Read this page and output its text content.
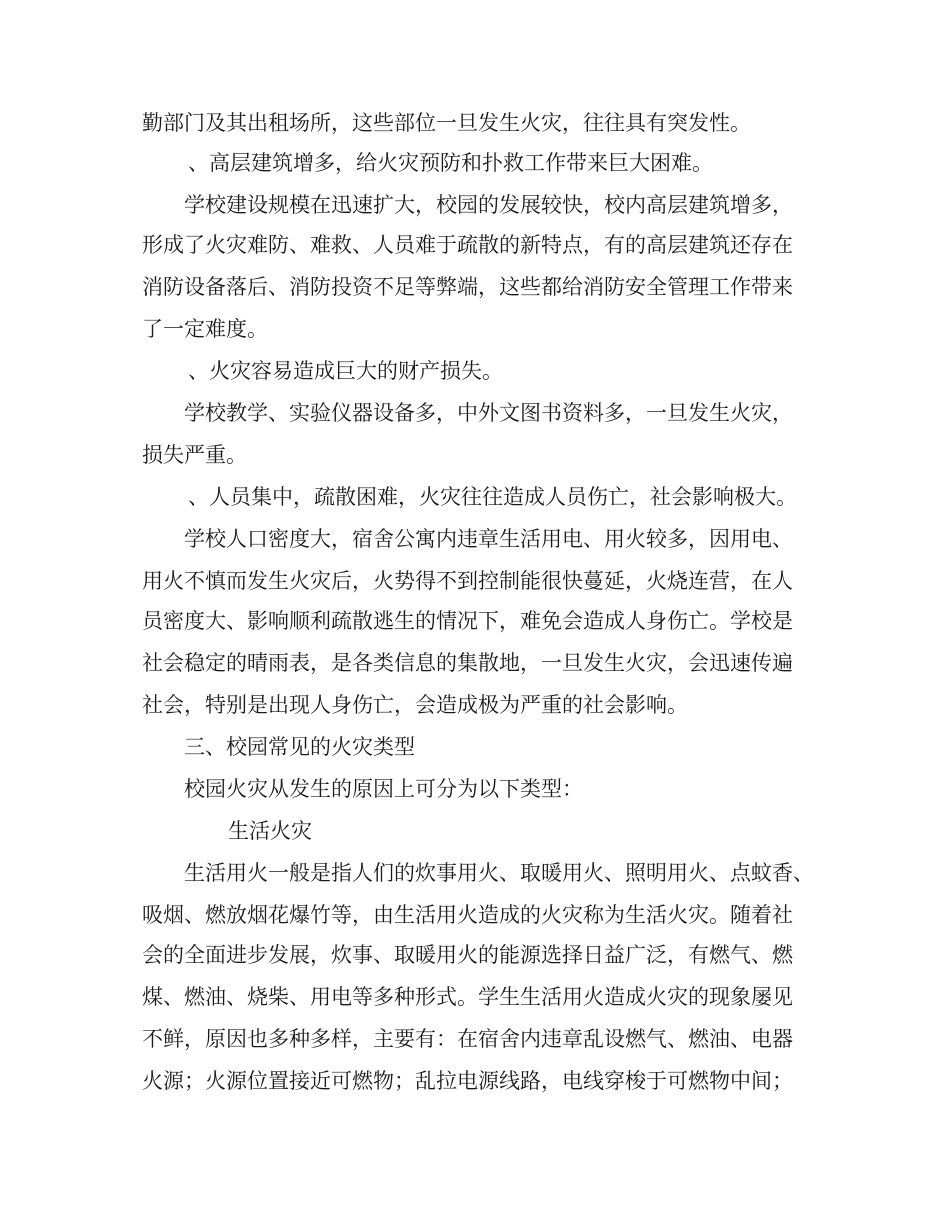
勤部门及其出租场所，这些部位一旦发生火灾，往往具有突发性。
、高层建筑增多，给火灾预防和扑救工作带来巨大困难。
学校建设规模在迅速扩大，校园的发展较快，校内高层建筑增多，
形成了火灾难防、难救、人员难于疏散的新特点，有的高层建筑还存在
消防设备落后、消防投资不足等弊端，这些都给消防安全管理工作带来
了一定难度。
、火灾容易造成巨大的财产损失。
学校教学、实验仪器设备多，中外文图书资料多，一旦发生火灾，
损失严重。
、人员集中，疏散困难，火灾往往造成人员伤亡，社会影响极大。
学校人口密度大，宿舍公寓内违章生活用电、用火较多，因用电、
用火不慎而发生火灾后，火势得不到控制能很快蔓延，火烧连营，在人
员密度大、影响顺利疏散逃生的情况下，难免会造成人身伤亡。学校是
社会稳定的晴雨表，是各类信息的集散地，一旦发生火灾，会迅速传遍
社会，特别是出现人身伤亡，会造成极为严重的社会影响。
三、校园常见的火灾类型
校园火灾从发生的原因上可分为以下类型：
生活火灾
生活用火一般是指人们的炊事用火、取暖用火、照明用火、点蚊香、
吸烟、燃放烟花爆竹等，由生活用火造成的火灾称为生活火灾。随着社
会的全面进步发展，炊事、取暖用火的能源选择日益广泛，有燃气、燃
煤、燃油、烧柴、用电等多种形式。学生生活用火造成火灾的现象屡见
不鲜，原因也多种多样，主要有：在宿舍内违章乱设燃气、燃油、电器
火源；火源位置接近可燃物；乱拉电源线路，电线穿梭于可燃物中间；
